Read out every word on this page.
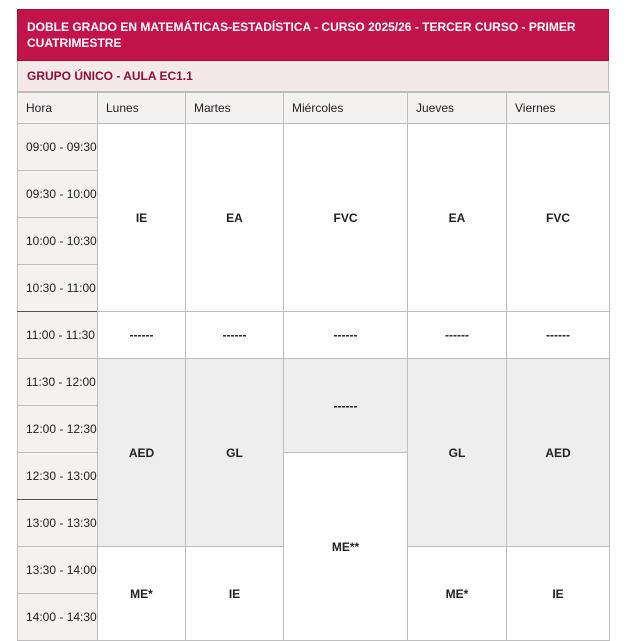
DOBLE GRADO EN MATEMÁTICAS-ESTADÍSTICA - CURSO 2025/26 - TERCER CURSO - PRIMER CUATRIMESTRE
GRUPO ÚNICO - AULA EC1.1
Hora	Lunes	Martes	Miércoles	Jueves	Viernes
09:00 - 09:30	IE	EA	FVC	EA	FVC
09:30 - 10:00					
10:00 - 10:30					
10:30 - 11:00					
11:00 - 11:30	------	------	------	------	------
11:30 - 12:00	AED	GL	------	GL	AED
12:00 - 12:30					
12:30 - 13:00			ME**		
13:00 - 13:30					
13:30 - 14:00	ME*	IE		ME*	IE
14:00 - 14:30					
